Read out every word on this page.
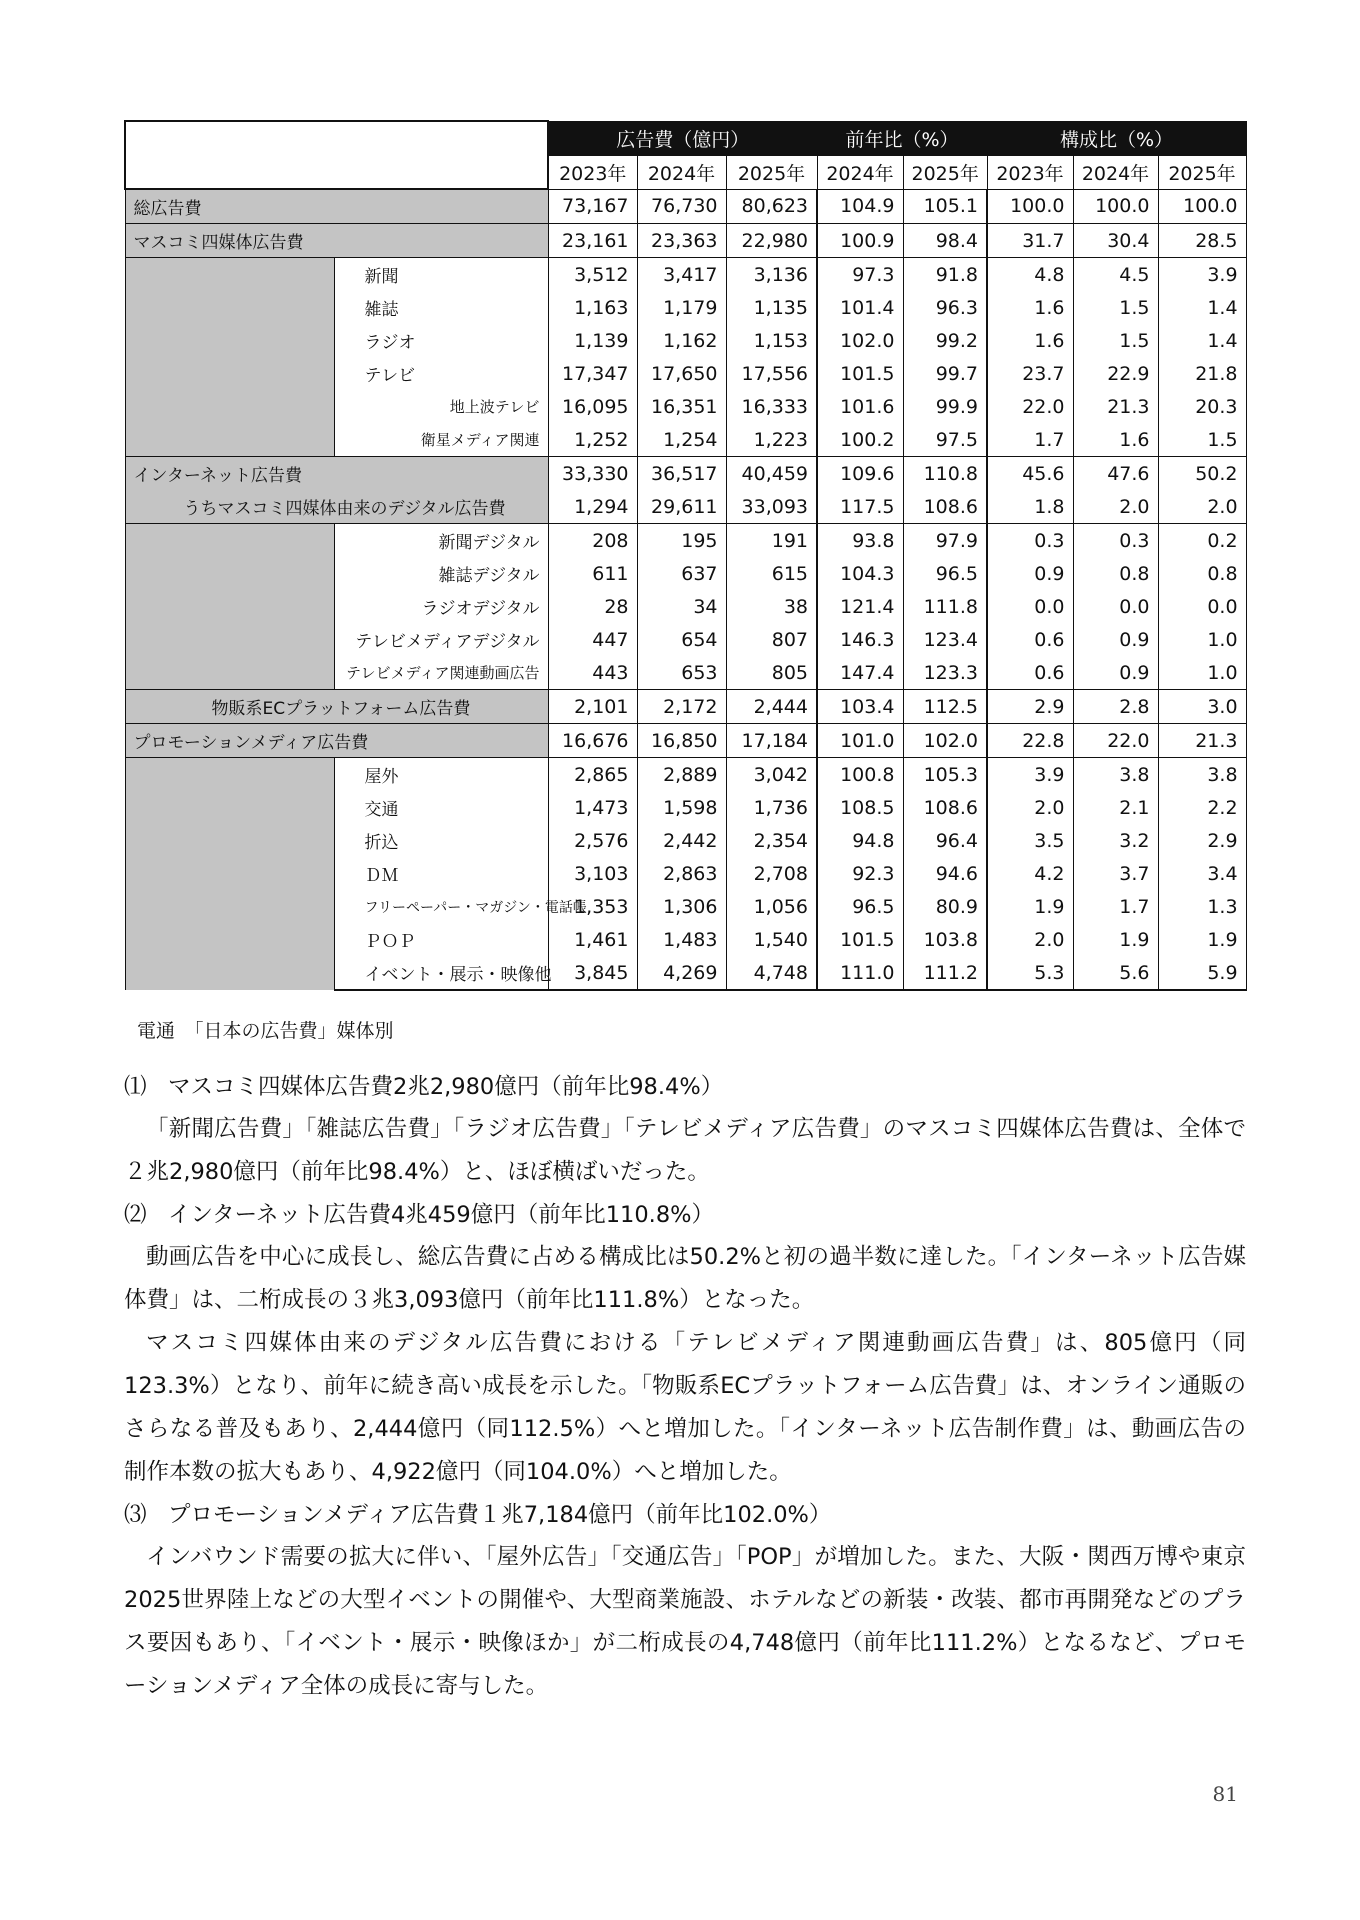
		広告費（億円）			前年比（%）		構成比（%）		
		2023年	2024年	2025年	2024年	2025年	2023年	2024年	2025年
総広告費		73,167	76,730	80,623	104.9	105.1	100.0	100.0	100.0
マスコミ四媒体広告費		23,161	23,363	22,980	100.9	98.4	31.7	30.4	28.5
	新聞	3,512	3,417	3,136	97.3	91.8	4.8	4.5	3.9
	雑誌	1,163	1,179	1,135	101.4	96.3	1.6	1.5	1.4
	ラジオ	1,139	1,162	1,153	102.0	99.2	1.6	1.5	1.4
	テレビ	17,347	17,650	17,556	101.5	99.7	23.7	22.9	21.8
	地上波テレビ	16,095	16,351	16,333	101.6	99.9	22.0	21.3	20.3
	衛星メディア関連	1,252	1,254	1,223	100.2	97.5	1.7	1.6	1.5
インターネット広告費		33,330	36,517	40,459	109.6	110.8	45.6	47.6	50.2
うちマスコミ四媒体由来のデジタル広告費		1,294	29,611	33,093	117.5	108.6	1.8	2.0	2.0
	新聞デジタル	208	195	191	93.8	97.9	0.3	0.3	0.2
	雑誌デジタル	611	637	615	104.3	96.5	0.9	0.8	0.8
	ラジオデジタル	28	34	38	121.4	111.8	0.0	0.0	0.0
	テレビメディアデジタル	447	654	807	146.3	123.4	0.6	0.9	1.0
	テレビメディア関連動画広告	443	653	805	147.4	123.3	0.6	0.9	1.0
物販系ECプラットフォーム広告費		2,101	2,172	2,444	103.4	112.5	2.9	2.8	3.0
プロモーションメディア広告費		16,676	16,850	17,184	101.0	102.0	22.8	22.0	21.3
	屋外	2,865	2,889	3,042	100.8	105.3	3.9	3.8	3.8
	交通	1,473	1,598	1,736	108.5	108.6	2.0	2.1	2.2
	折込	2,576	2,442	2,354	94.8	96.4	3.5	3.2	2.9
	ＤＭ	3,103	2,863	2,708	92.3	94.6	4.2	3.7	3.4
	フリーペーパー・マガジン・電話帳	1,353	1,306	1,056	96.5	80.9	1.9	1.7	1.3
	ＰＯＰ	1,461	1,483	1,540	101.5	103.8	2.0	1.9	1.9
	イベント・展示・映像他	3,845	4,269	4,748	111.0	111.2	5.3	5.6	5.9
電通　「日本の広告費」媒体別
⑴ マスコミ四媒体広告費2兆2,980億円（前年比98.4%）

「新聞広告費」「雑誌広告費」「ラジオ広告費」「テレビメディア広告費」のマスコミ四媒体広告費は、全体で２兆2,980億円（前年比98.4%）と、ほぼ横ばいだった。

⑵ インターネット広告費4兆459億円（前年比110.8%）

動画広告を中心に成長し、総広告費に占める構成比は50.2%と初の過半数に達した。「インターネット広告媒体費」は、二桁成長の３兆3,093億円（前年比111.8%）となった。

マスコミ四媒体由来のデジタル広告費における「テレビメディア関連動画広告費」は、805億円（同123.3%）となり、前年に続き高い成長を示した。「物販系ECプラットフォーム広告費」は、オンライン通販のさらなる普及もあり、2,444億円（同112.5%）へと増加した。「インターネット広告制作費」は、動画広告の制作本数の拡大もあり、4,922億円（同104.0%）へと増加した。

⑶ プロモーションメディア広告費１兆7,184億円（前年比102.0%）

インバウンド需要の拡大に伴い、「屋外広告」「交通広告」「POP」が増加した。また、大阪・関西万博や東京2025世界陸上などの大型イベントの開催や、大型商業施設、ホテルなどの新装・改装、都市再開発などのプラス要因もあり、「イベント・展示・映像ほか」が二桁成長の4,748億円（前年比111.2%）となるなど、プロモーションメディア全体の成長に寄与した。

81
